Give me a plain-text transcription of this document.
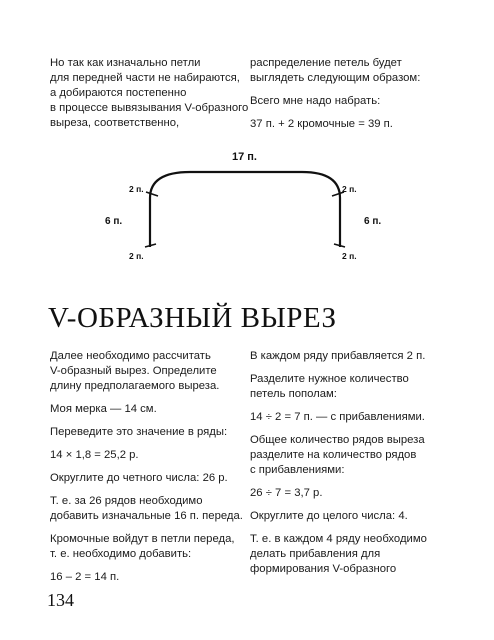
Но так как изначально петли

для передней части не набираются,

а добираются постепенно

в процессе вывязывания V-образного

выреза, соответственно,

распределение петель будет

выглядеть следующим образом:

Всего мне надо набрать:

37 п. + 2 кромочные = 39 п.

17 п.
2 п.
6 п.
2 п.
2 п.
6 п.
2 п.
V-ОБРАЗНЫЙ ВЫРЕЗ

Далее необходимо рассчитать

V-образный вырез. Определите

длину предполагаемого выреза.

Моя мерка — 14 см.

Переведите это значение в ряды:

14 × 1,8 = 25,2 р.

Округлите до четного числа: 26 р.

Т. е. за 26 рядов необходимо

добавить изначальные 16 п. переда.

Кромочные войдут в петли переда,

т. е. необходимо добавить:

16 – 2 = 14 п.

В каждом ряду прибавляется 2 п.

Разделите нужное количество

петель пополам:

14 ÷ 2 = 7 п. — с прибавлениями.

Общее количество рядов выреза

разделите на количество рядов

с прибавлениями:

26 ÷ 7 = 3,7 р.

Округлите до целого числа: 4.

Т. е. в каждом 4 ряду необходимо

делать прибавления для

формирования V-образного

134
